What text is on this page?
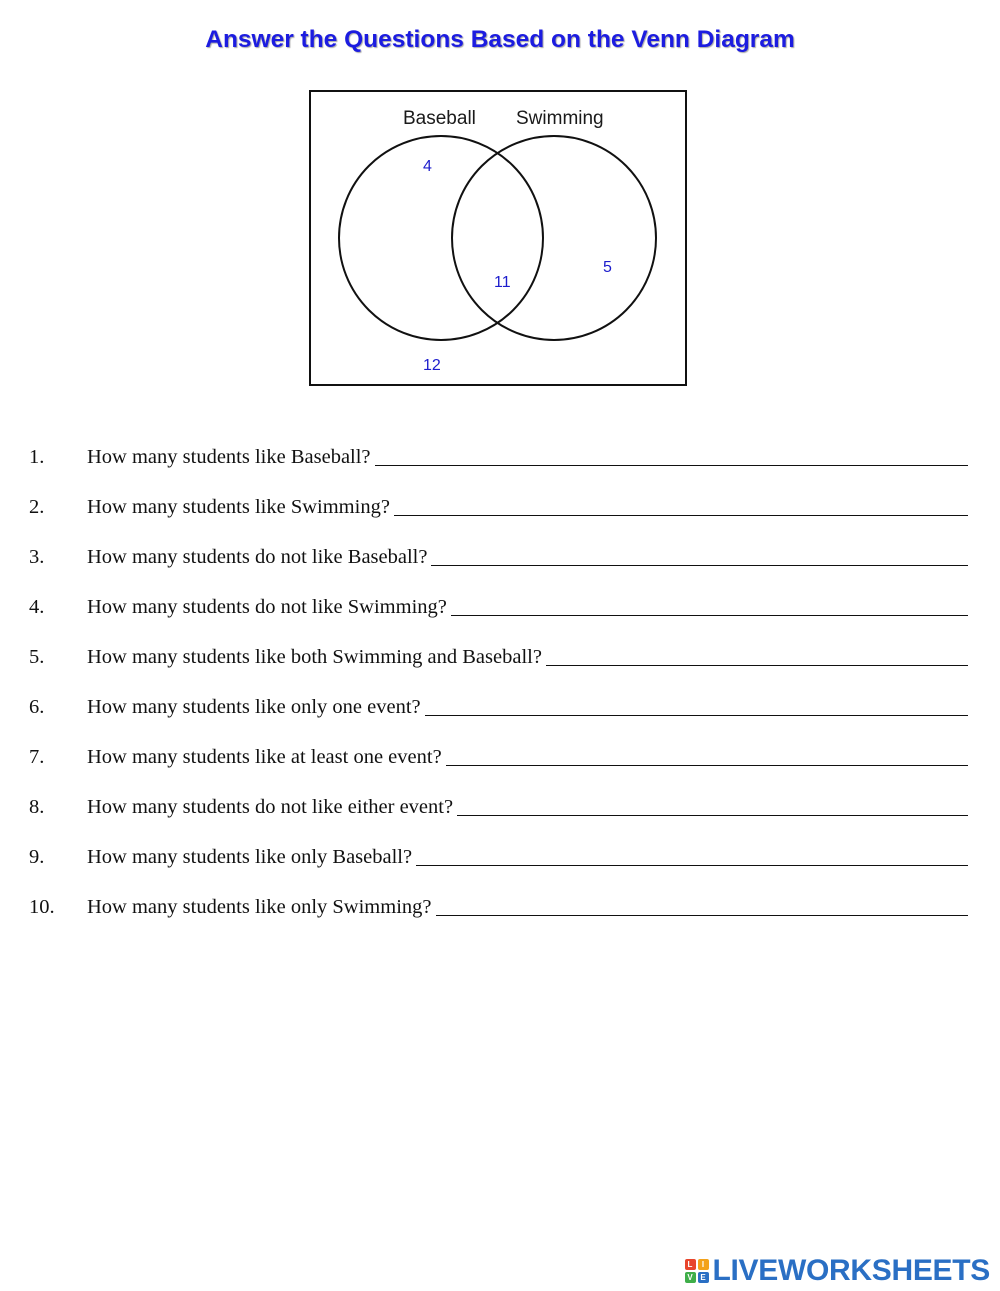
Answer the Questions Based on the Venn Diagram
Baseball Swimming
4
11
5
12
1.	How many students like Baseball?
2.	How many students like Swimming?
3.	How many students do not like Baseball?
4.	How many students do not like Swimming?
5.	How many students like both Swimming and Baseball?
6.	How many students like only one event?
7.	How many students like at least one event?
8.	How many students do not like either event?
9.	How many students like only Baseball?
10.	How many students like only Swimming?
L	I
V E LIVEWORKSHEETS
